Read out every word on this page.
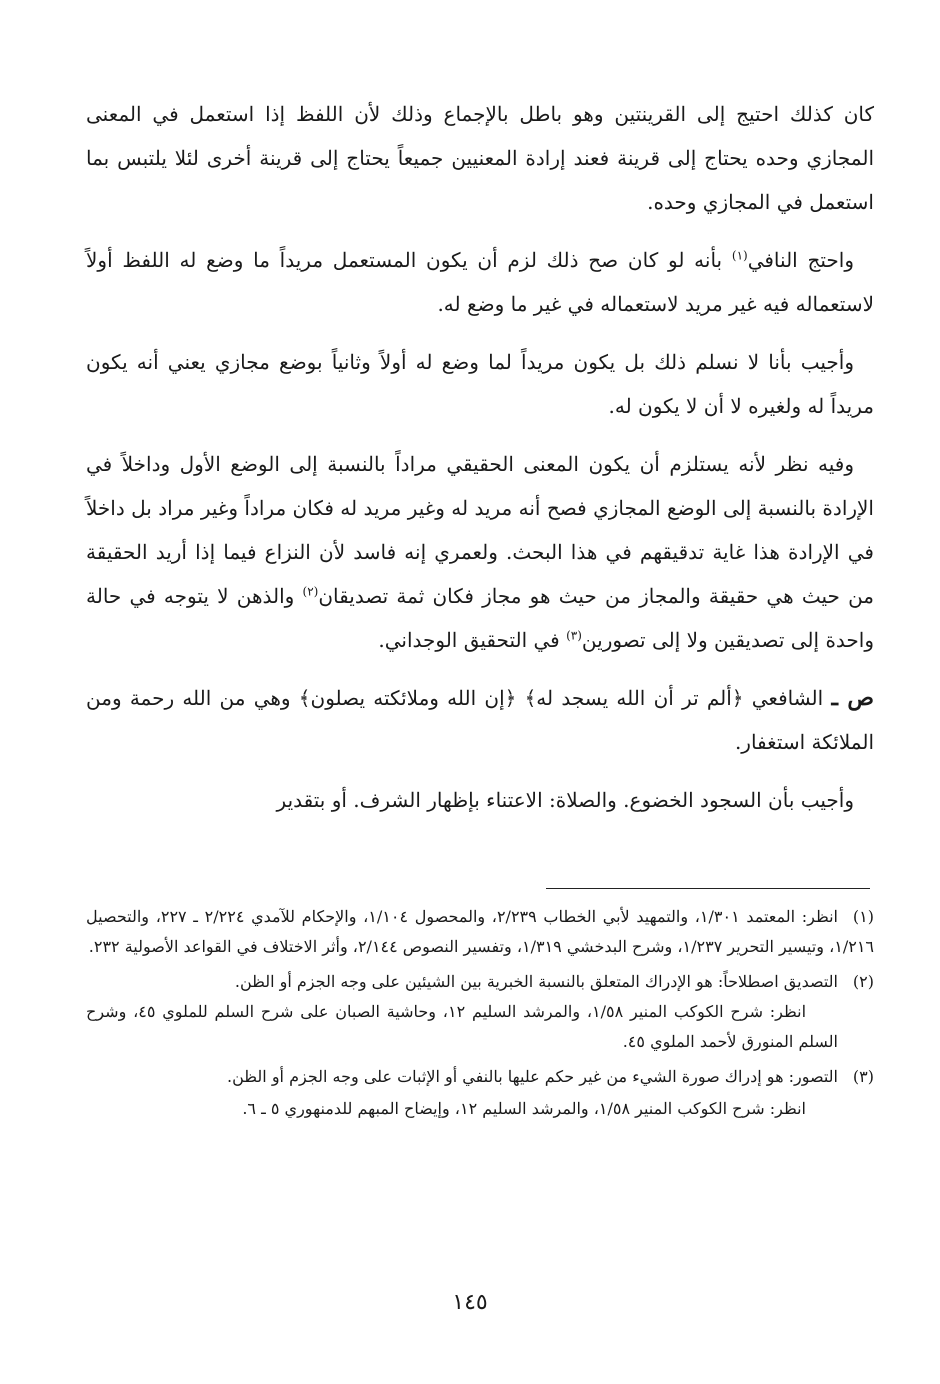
كان كذلك احتيج إلى القرينتين وهو باطل بالإجماع وذلك لأن اللفظ إذا استعمل في المعنى المجازي وحده يحتاج إلى قرينة فعند إرادة المعنيين جميعاً يحتاج إلى قرينة أخرى لئلا يلتبس بما استعمل في المجازي وحده.

 واحتج النافي$^{(١)}$ بأنه لو كان صح ذلك لزم أن يكون المستعمل مريداً ما وضع له اللفظ أولاً لاستعماله فيه غير مريد لاستعماله في غير ما وضع له.

 وأجيب بأنا لا نسلم ذلك بل يكون مريداً لما وضع له أولاً وثانياً بوضع مجازي يعني أنه يكون مريداً له ولغيره لا أن لا يكون له.

 وفيه نظر لأنه يستلزم أن يكون المعنى الحقيقي مراداً بالنسبة إلى الوضع الأول وداخلاً في الإرادة بالنسبة إلى الوضع المجازي فصح أنه مريد له وغير مريد له فكان مراداً وغير مراد بل داخلاً في الإرادة هذا غاية تدقيقهم في هذا البحث. ولعمري إنه فاسد لأن النزاع فيما إذا أريد الحقيقة من حيث هي حقيقة والمجاز من حيث هو مجاز فكان ثمة تصديقان$^{(٢)}$ والذهن لا يتوجه في حالة واحدة إلى تصديقين ولا إلى تصورين$^{(٣)}$ في التحقيق الوجداني.

ص ـ الشافعي ﴿ألم تر أن الله يسجد له﴾ ﴿إن الله وملائكته يصلون﴾ وهي من الله رحمة ومن الملائكة استغفار.

 وأجيب بأن السجود الخضوع. والصلاة: الاعتناء بإظهار الشرف. أو بتقدير

(١)انظر: المعتمد ١/٣٠١، والتمهيد لأبي الخطاب ٢/٢٣٩، والمحصول ١/١٠٤، والإحكام للآمدي ٢/٢٢٤ ـ ٢٢٧، والتحصيل ١/٢١٦، وتيسير التحرير ١/٢٣٧، وشرح البدخشي ١/٣١٩، وتفسير النصوص ٢/١٤٤، وأثر الاختلاف في القواعد الأصولية ٢٣٢.
(٢)التصديق اصطلاحاً: هو الإدراك المتعلق بالنسبة الخبرية بين الشيئين على وجه الجزم أو الظن.
  انظر: شرح الكوكب المنير ١/٥٨، والمرشد السليم ١٢، وحاشية الصبان على شرح السلم للملوي ٤٥، وشرح السلم المنورق لأحمد الملوي ٤٥.
(٣)التصور: هو إدراك صورة الشيء من غير حكم عليها بالنفي أو الإثبات على وجه الجزم أو الظن.
  انظر: شرح الكوكب المنير ١/٥٨، والمرشد السليم ١٢، وإيضاح المبهم للدمنهوري ٥ ـ ٦.
١٤٥
